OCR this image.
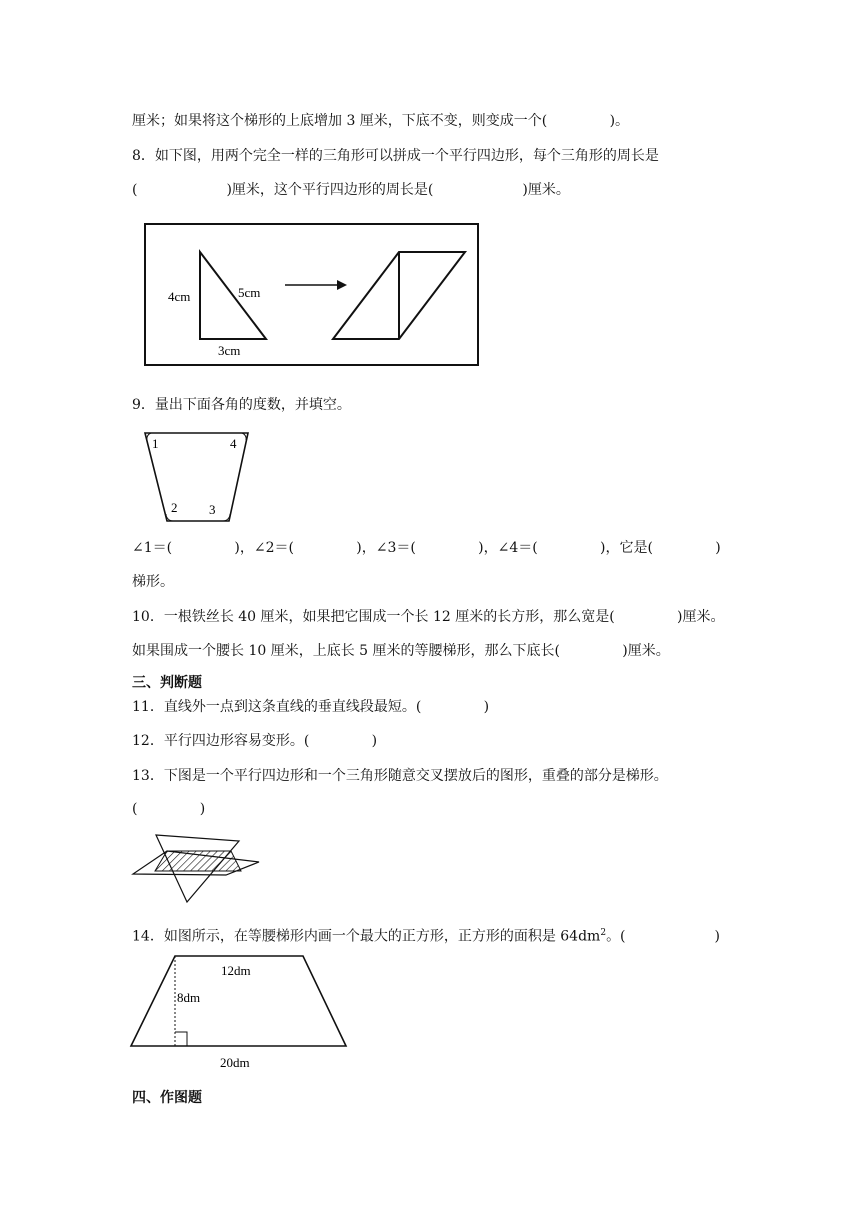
厘米；如果将这个梯形的上底增加 3 厘米，下底不变，则变成一个(              )。
8．如下图，用两个完全一样的三角形可以拼成一个平行四边形，每个三角形的周长是
(                    )厘米，这个平行四边形的周长是(                    )厘米。
4cm	5cm
3cm
9．量出下面各角的度数，并填空。
1	4
2 3
∠1＝(              )，∠2＝(              )，∠3＝(              )，∠4＝(              )，它是(              )
梯形。
10．一根铁丝长 40 厘米，如果把它围成一个长 12 厘米的长方形，那么宽是(              )厘米。
如果围成一个腰长 10 厘米，上底长 5 厘米的等腰梯形，那么下底长(              )厘米。
三、判断题
11．直线外一点到这条直线的垂直线段最短。(              )
12．平行四边形容易变形。(              )
13．下图是一个平行四边形和一个三角形随意交叉摆放后的图形，重叠的部分是梯形。
(              )
14．如图所示，在等腰梯形内画一个最大的正方形，正方形的面积是 $64dm^2$。(                    )
12dm
8dm
20dm
四、作图题
